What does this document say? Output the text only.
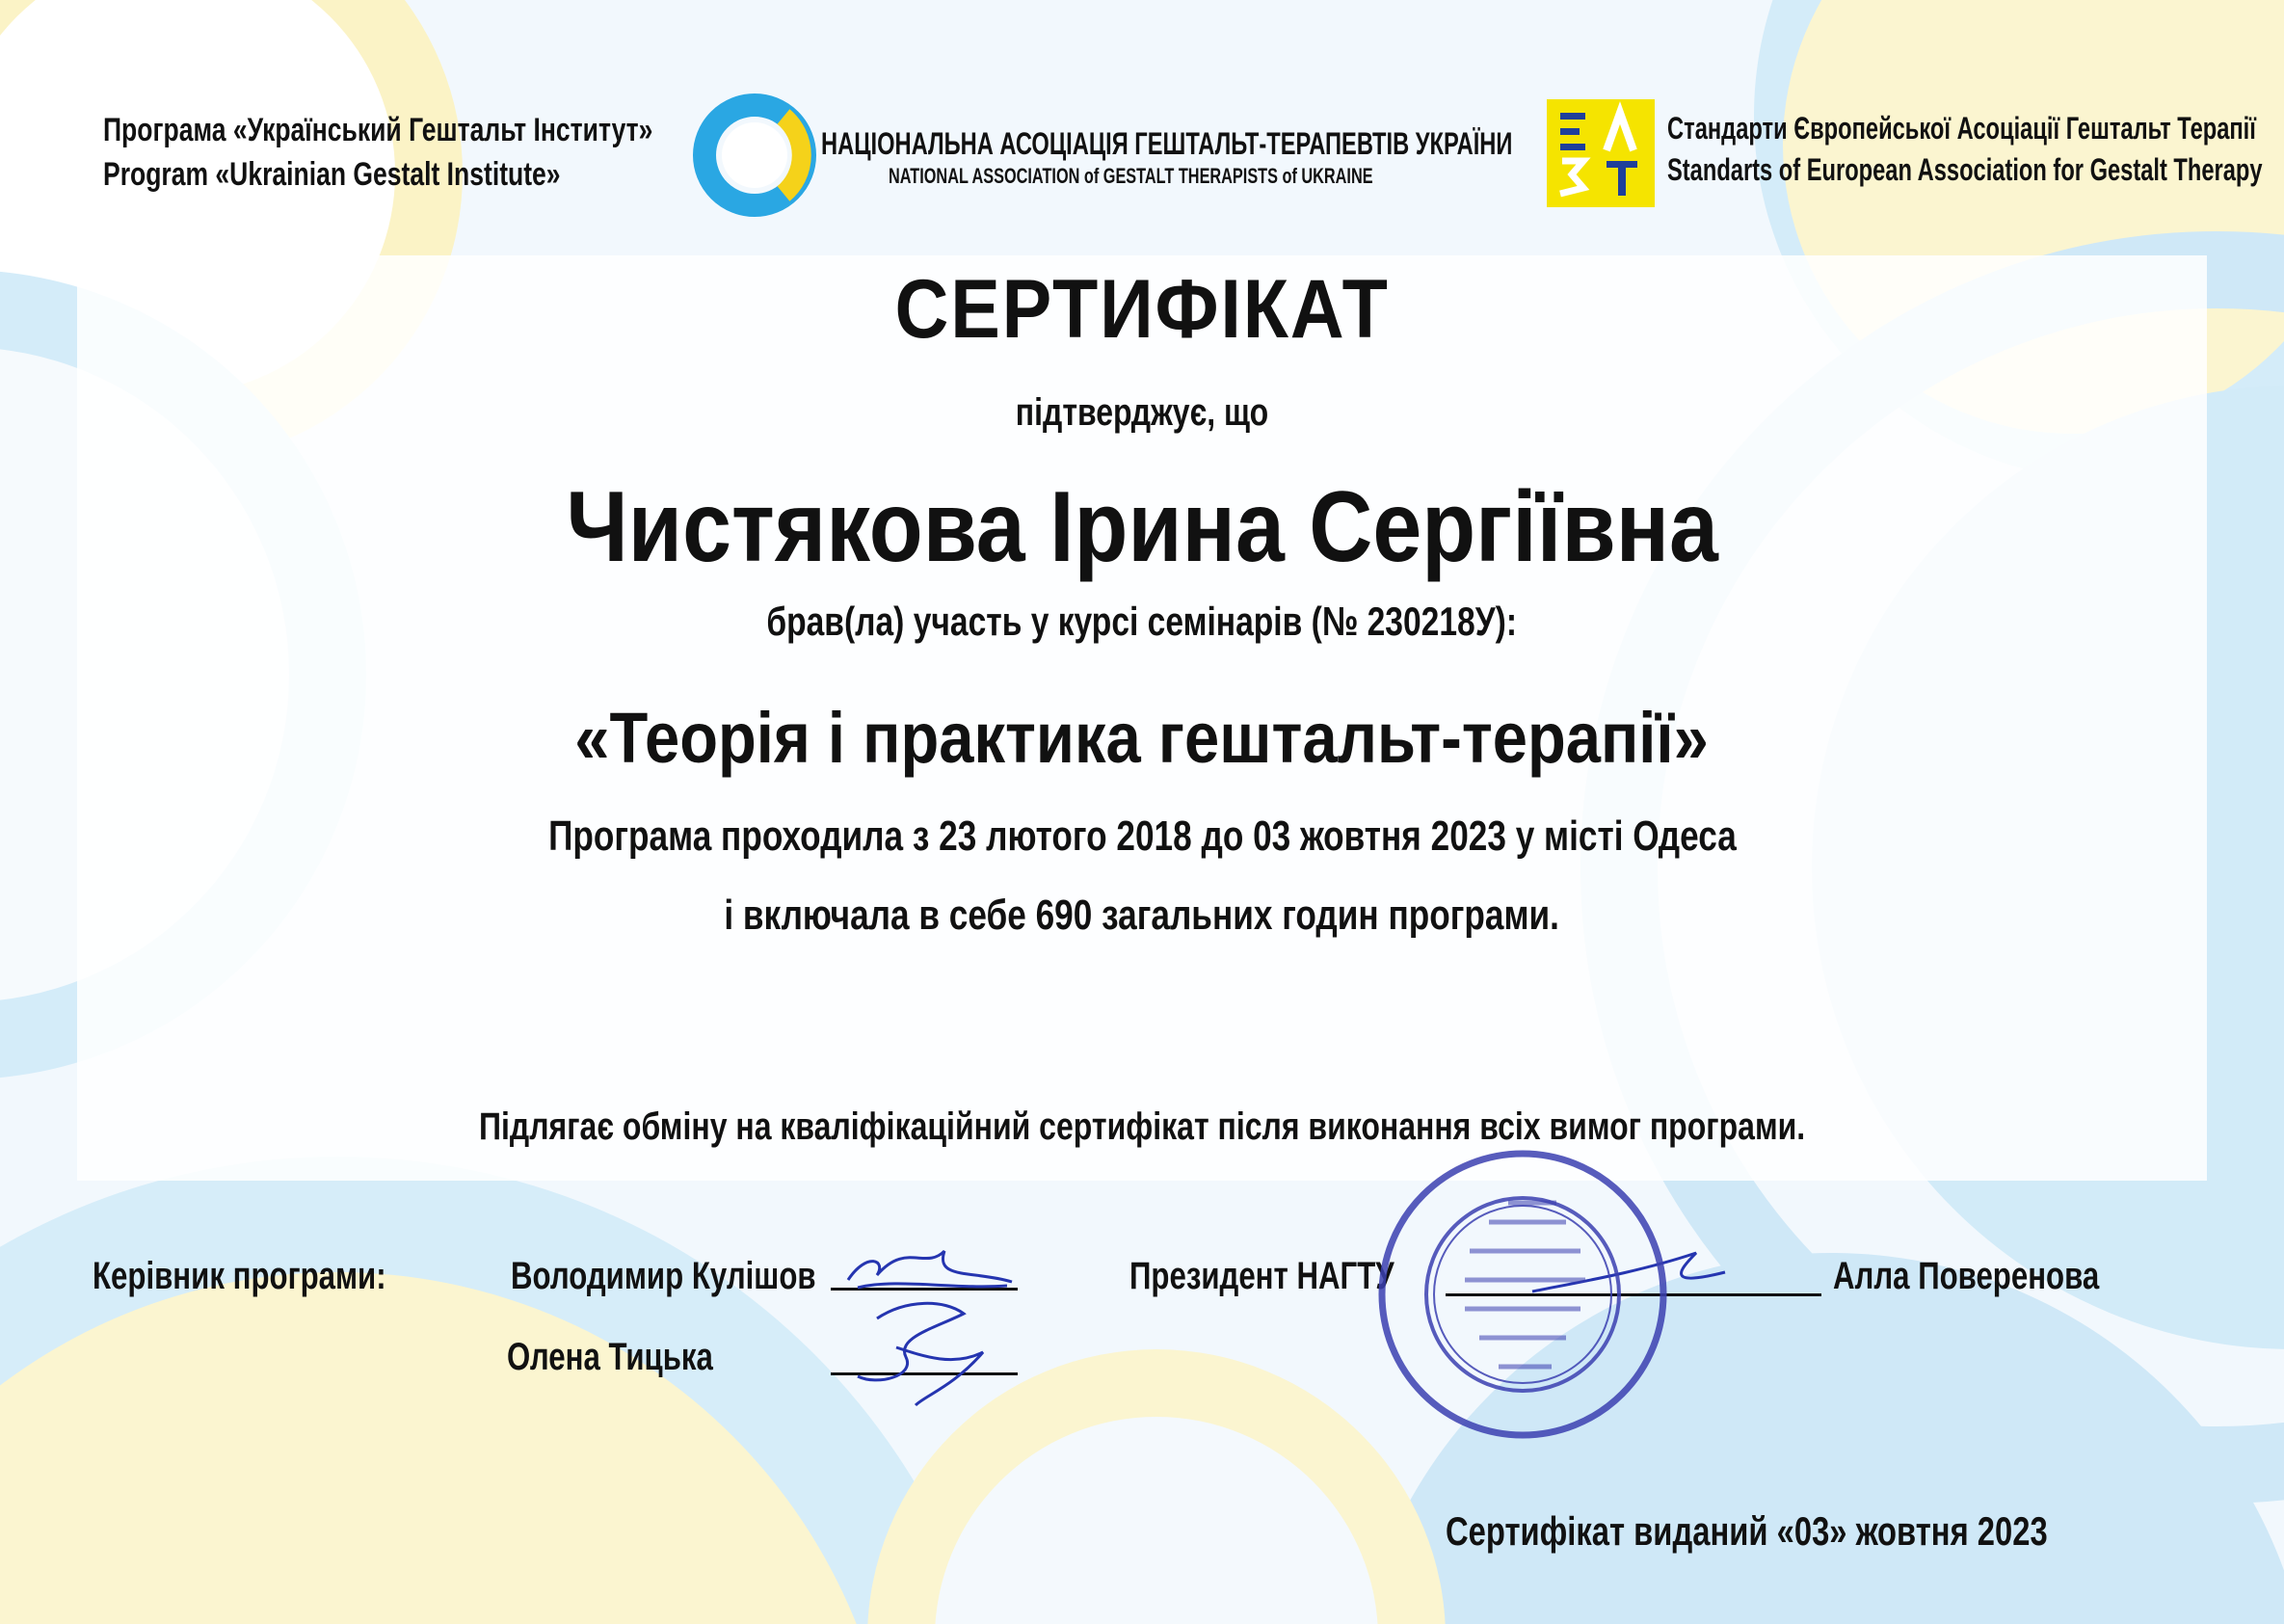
Програма «Український Гештальт Інститут»
Program «Ukrainian Gestalt Institute»
НАЦІОНАЛЬНА АСОЦІАЦІЯ ГЕШТАЛЬТ-ТЕРАПЕВТІВ УКРАЇНИ
NATIONAL ASSOCIATION of GESTALT THERAPISTS of UKRAINE
Стандарти Європейської Асоціації Гештальт Терапії
Standarts of European Association for Gestalt Therapy
СЕРТИФІКАТ
підтверджує, що
Чистякова Ірина Сергіївна
брав(ла) участь у курсі семінарів (№ 230218У):
«Теорія і практика гештальт-терапії»
Програма проходила з 23 лютого 2018 до 03 жовтня 2023 у місті Одеса
і включала в себе 690 загальних годин програми.
Підлягає обміну на кваліфікаційний сертифікат після виконання всіх вимог програми.
Керівник програми:	Володимир Кулішов
Олена Тицька
Президент НАГТУ	Алла Поверенова
Сертифікат виданий «03» жовтня 2023
